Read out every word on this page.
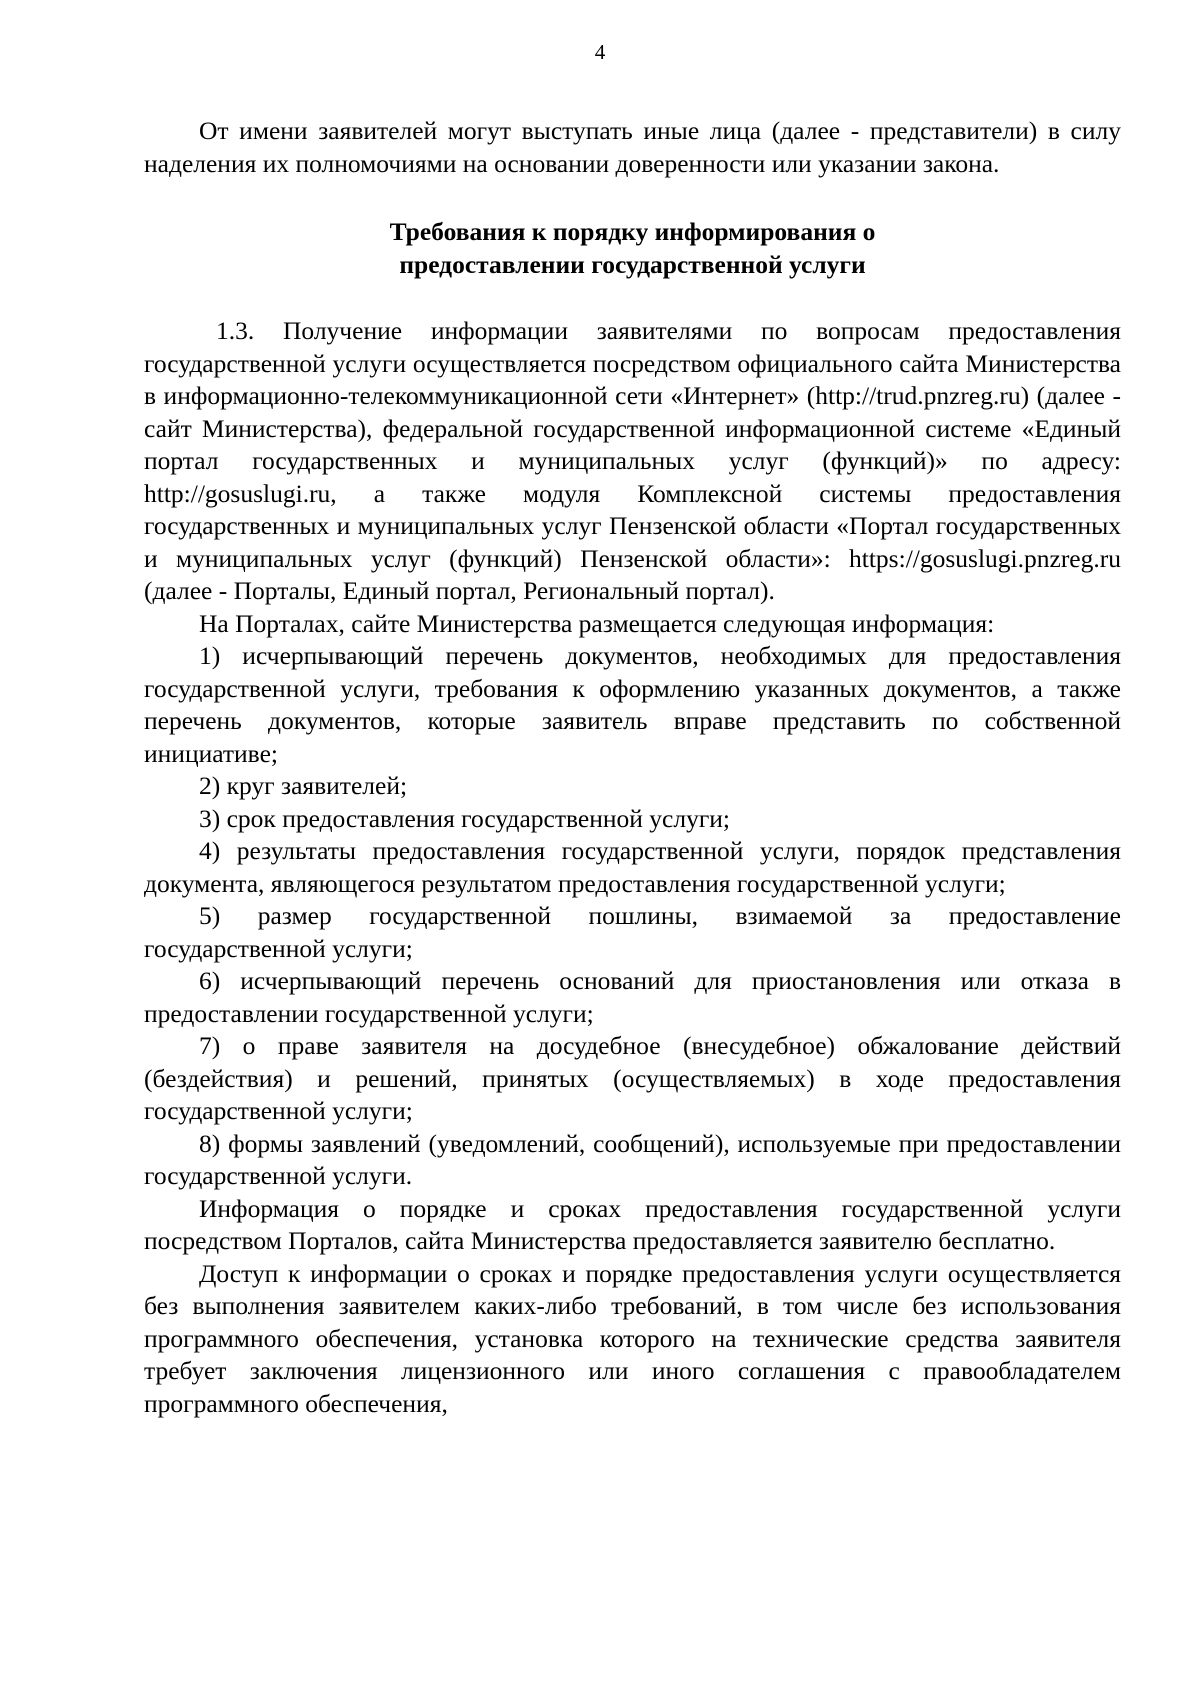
4

От имени заявителей могут выступать иные лица (далее - представители) в силу наделения их полномочиями на основании доверенности или указании закона.

Требования к порядку информирования о
предоставлении государственной услуги

1.3. Получение информации заявителями по вопросам предоставления государственной услуги осуществляется посредством официального сайта Министерства в информационно-телекоммуникационной сети «Интернет» (http://trud.pnzreg.ru) (далее - сайт Министерства), федеральной государственной информационной системе «Единый портал государственных и муниципальных услуг (функций)» по адресу: http://gosuslugi.ru, а также модуля Комплексной системы предоставления государственных и муниципальных услуг Пензенской области «Портал государственных и муниципальных услуг (функций) Пензенской области»: https://gosuslugi.pnzreg.ru (далее - Порталы, Единый портал, Региональный портал).

На Порталах, сайте Министерства размещается следующая информация:

1) исчерпывающий перечень документов, необходимых для предоставления государственной услуги, требования к оформлению указанных документов, а также перечень документов, которые заявитель вправе представить по собственной инициативе;

2) круг заявителей;

3) срок предоставления государственной услуги;

4) результаты предоставления государственной услуги, порядок представления документа, являющегося результатом предоставления государственной услуги;

5) размер государственной пошлины, взимаемой за предоставление государственной услуги;

6) исчерпывающий перечень оснований для приостановления или отказа в предоставлении государственной услуги;

7) о праве заявителя на досудебное (внесудебное) обжалование действий (бездействия) и решений, принятых (осуществляемых) в ходе предоставления государственной услуги;

8) формы заявлений (уведомлений, сообщений), используемые при предоставлении государственной услуги.

Информация о порядке и сроках предоставления государственной услуги посредством Порталов, сайта Министерства предоставляется заявителю бесплатно.

Доступ к информации о сроках и порядке предоставления услуги осуществляется без выполнения заявителем каких-либо требований, в том числе без использования программного обеспечения, установка которого на технические средства заявителя требует заключения лицензионного или иного соглашения с правообладателем программного обеспечения,
